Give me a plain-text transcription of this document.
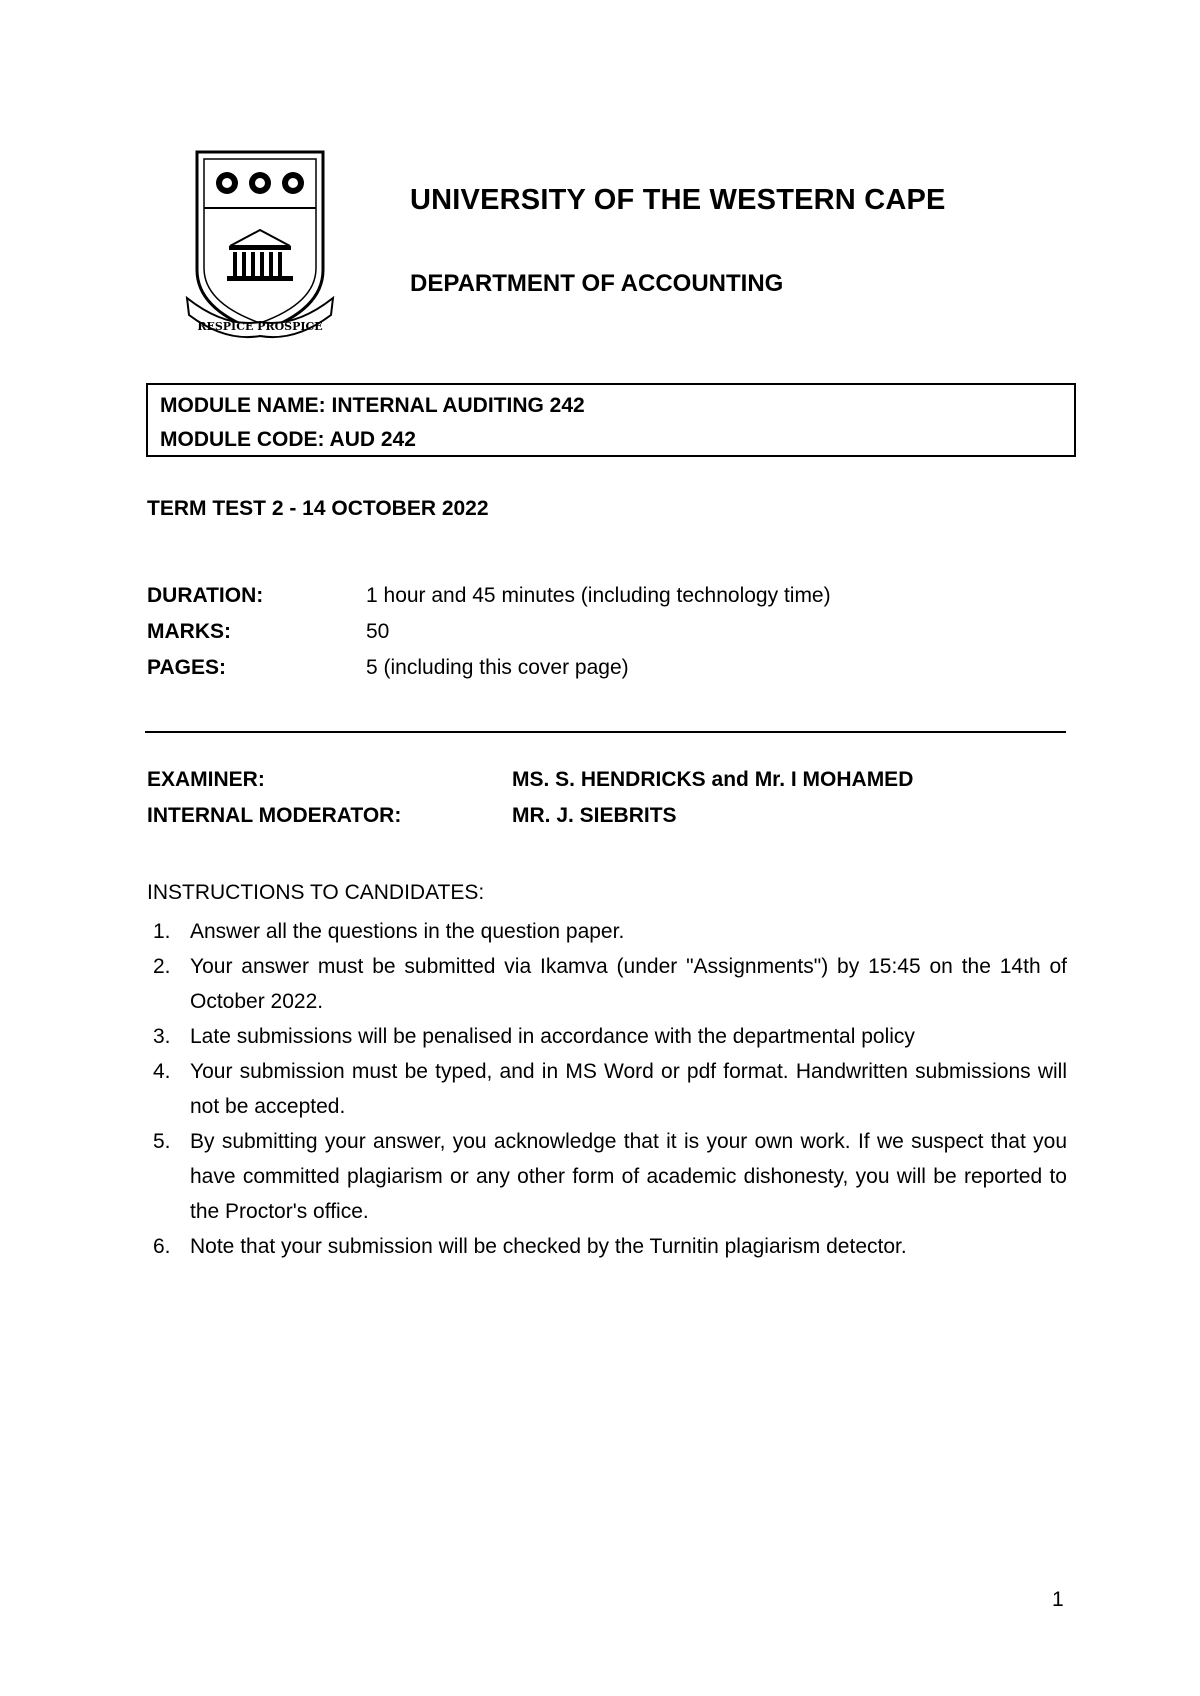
RESPICE PROSPICE
UNIVERSITY OF THE WESTERN CAPE
DEPARTMENT OF ACCOUNTING
MODULE NAME: INTERNAL AUDITING 242
MODULE CODE: AUD 242
TERM TEST 2 - 14 OCTOBER 2022
DURATION:	1 hour and 45 minutes (including technology time)
MARKS:	50
PAGES:	5 (including this cover page)
EXAMINER:	MS. S. HENDRICKS and Mr. I MOHAMED
INTERNAL MODERATOR:	MR. J. SIEBRITS
INSTRUCTIONS TO CANDIDATES:
1. Answer all the questions in the question paper.
2. Your answer must be submitted via Ikamva (under "Assignments") by 15:45 on the 14th of October 2022.
3. Late submissions will be penalised in accordance with the departmental policy
4. Your submission must be typed, and in MS Word or pdf format. Handwritten submissions will not be accepted.
5. By submitting your answer, you acknowledge that it is your own work. If we suspect that you have committed plagiarism or any other form of academic dishonesty, you will be reported to the Proctor's office.
6. Note that your submission will be checked by the Turnitin plagiarism detector.
1
